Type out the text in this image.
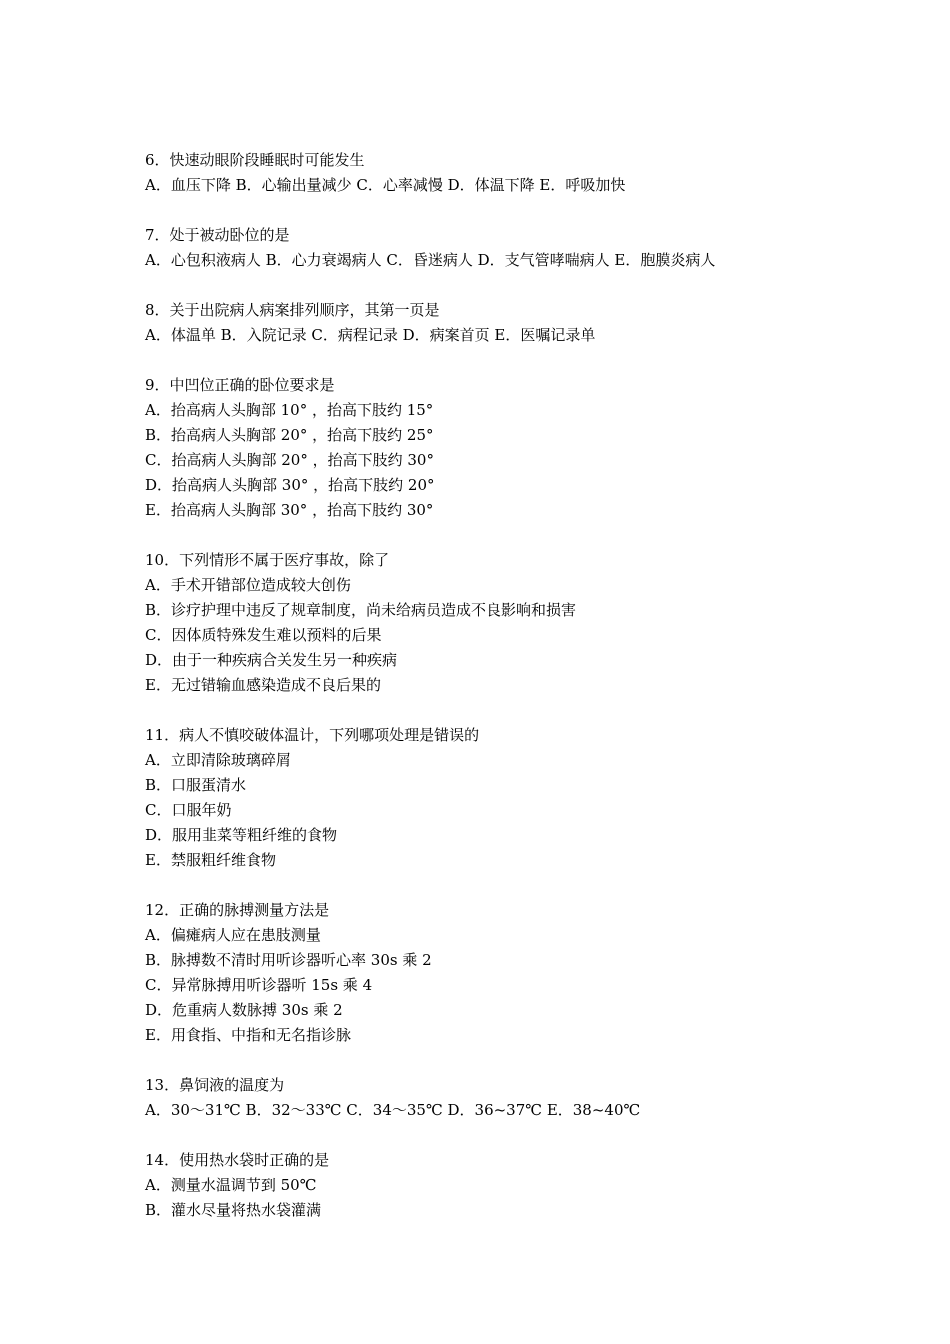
6．快速动眼阶段睡眠时可能发生
A．血压下降 B．心输出量减少 C．心率减慢 D．体温下降 E．呼吸加快
7．处于被动卧位的是
A．心包积液病人 B．心力衰竭病人 C．昏迷病人 D．支气管哮喘病人 E．胞膜炎病人
8．关于出院病人病案排列顺序，其第一页是
A．体温单 B．入院记录 C．病程记录 D．病案首页 E．医嘱记录单
9．中凹位正确的卧位要求是
A．抬高病人头胸部 10° ，抬高下肢约 15°
B．抬高病人头胸部 20° ，抬高下肢约 25°
C．抬高病人头胸部 20° ，抬高下肢约 30°
D．抬高病人头胸部 30° ，抬高下肢约 20°
E．抬高病人头胸部 30° ，抬高下肢约 30°
10．下列情形不属于医疗事故，除了
A．手术开错部位造成较大创伤
B．诊疗护理中违反了规章制度，尚未给病员造成不良影响和损害
C．因体质特殊发生难以预料的后果
D．由于一种疾病合关发生另一种疾病
E．无过错输血感染造成不良后果的
11．病人不慎咬破体温计，下列哪项处理是错误的
A．立即清除玻璃碎屑
B．口服蛋清水
C．口服年奶
D．服用韭菜等粗纤维的食物
E．禁服粗纤维食物
12．正确的脉搏测量方法是
A．偏瘫病人应在患肢测量
B．脉搏数不清时用听诊器听心率 30s 乘 2
C．异常脉搏用听诊器听 15s 乘 4
D．危重病人数脉搏 30s 乘 2
E．用食指、中指和无名指诊脉
13．鼻饲液的温度为
A．30～31℃ B．32～33℃ C．34～35℃ D．36~37℃ E．38~40℃
14．使用热水袋时正确的是
A．测量水温调节到 50℃
B．灌水尽量将热水袋灌满
